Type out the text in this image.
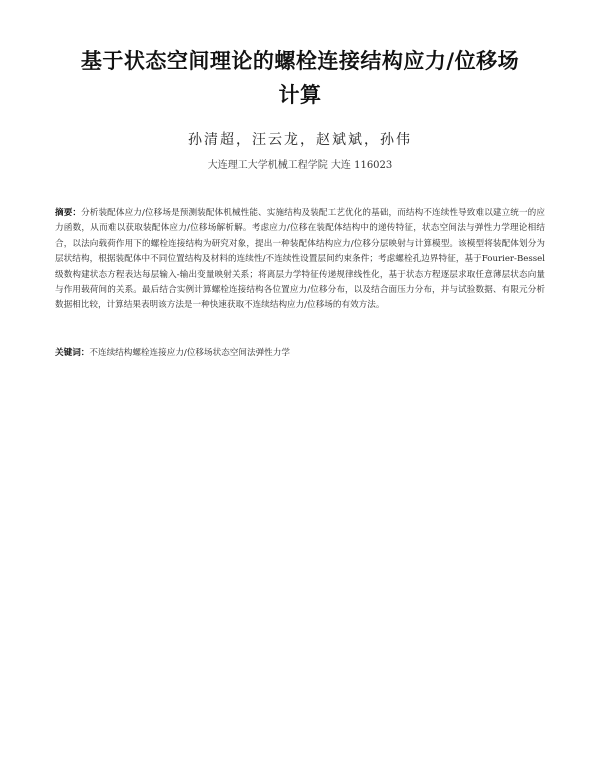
基于状态空间理论的螺栓连接结构应力/位移场
计算
孙清超，汪云龙，赵斌斌，孙伟
大连理工大学机械工程学院 大连 116023
摘要：分析装配体应力/位移场是预测装配体机械性能、实施结构及装配工艺优化的基础，而结构不连续性导致难以建立统一的应力函数，从而难以获取装配体应力/位移场解析解。考虑应力/位移在装配体结构中的递传特征，状态空间法与弹性力学理论相结合，以法向载荷作用下的螺栓连接结构为研究对象，提出一种装配体结构应力/位移分层映射与计算模型。该模型将装配体划分为层状结构，根据装配体中不同位置结构及材料的连续性/不连续性设置层间约束条件；考虑螺栓孔边界特征，基于Fourier-Bessel级数构建状态方程表达每层输入-输出变量映射关系；将离层力学特征传递规律线性化，基于状态方程逐层求取任意薄层状态向量与作用载荷间的关系。最后结合实例计算螺栓连接结构各位置应力/位移分布，以及结合面压力分布，并与试验数据、有限元分析数据相比较，计算结果表明该方法是一种快速获取不连续结构应力/位移场的有效方法。
关键词：不连续结构螺栓连接应力/位移场状态空间法弹性力学
